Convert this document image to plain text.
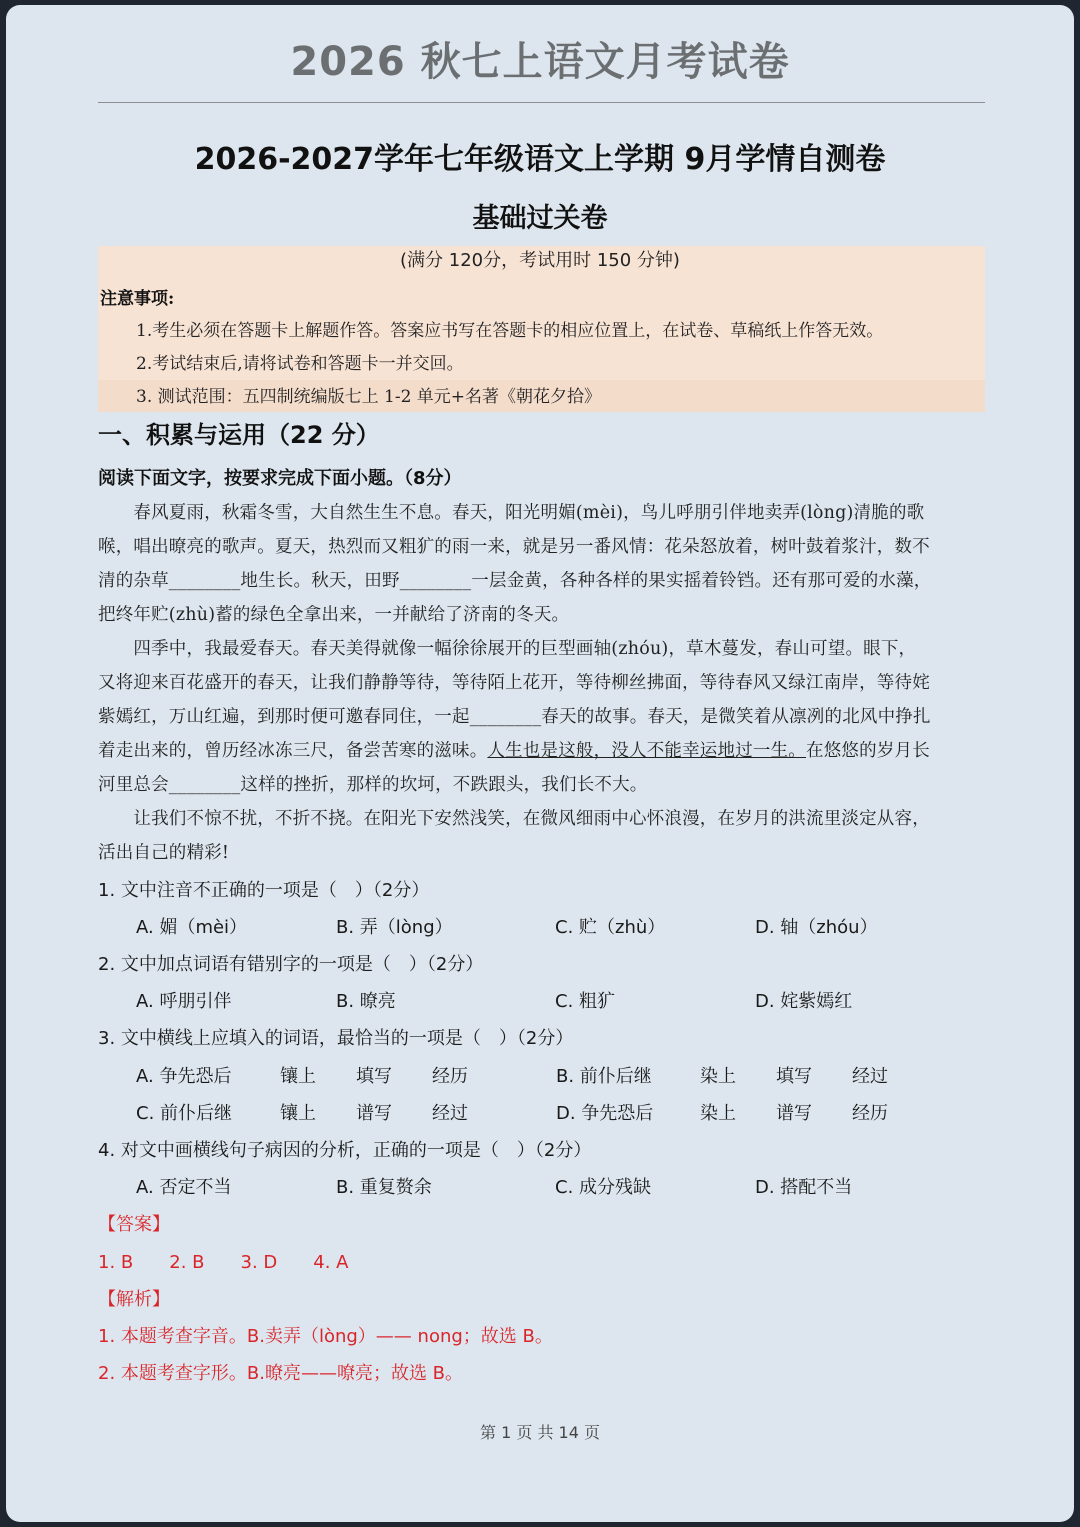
2026 秋七上语文月考试卷
2026-2027学年七年级语文上学期 9月学情自测卷
基础过关卷
(满分 120分，考试用时 150 分钟)
注意事项:
1.考生必须在答题卡上解题作答。答案应书写在答题卡的相应位置上，在试卷、草稿纸上作答无效。
2.考试结束后,请将试卷和答题卡一并交回。
3. 测试范围：五四制统编版七上 1-2 单元+名著《朝花夕拾》
一、积累与运用（22 分）
阅读下面文字，按要求完成下面小题。（8分）
　　春风夏雨，秋霜冬雪，大自然生生不息。春天，阳光明媚(mèi)，鸟儿呼朋引伴地卖弄(lòng)清脆的歌
喉，唱出暸亮的歌声。夏天，热烈而又粗犷的雨一来，就是另一番风情：花朵怒放着，树叶鼓着浆汁，数不
清的杂草________地生长。秋天，田野________一层金黄，各种各样的果实摇着铃铛。还有那可爱的水藻，
把终年贮(zhù)蓄的绿色全拿出来，一并献给了济南的冬天。
　　四季中，我最爱春天。春天美得就像一幅徐徐展开的巨型画轴(zhóu)，草木蔓发，春山可望。眼下，
又将迎来百花盛开的春天，让我们静静等待，等待陌上花开，等待柳丝拂面，等待春风又绿江南岸，等待姹
紫嫣红，万山红遍，到那时便可邀春同住，一起________春天的故事。春天，是微笑着从凛冽的北风中挣扎
着走出来的，曾历经冰冻三尺，备尝苦寒的滋味。人生也是这般，没人不能幸运地过一生。在悠悠的岁月长
河里总会________这样的挫折，那样的坎坷，不跌跟头，我们长不大。
　　让我们不惊不扰，不折不挠。在阳光下安然浅笑，在微风细雨中心怀浪漫，在岁月的洪流里淡定从容，
活出自己的精彩!
1. 文中注音不正确的一项是（　）（2分）
A. 媚（mèi）	B. 弄（lòng）	C. 贮（zhù）	D. 轴（zhóu）
2. 文中加点词语有错别字的一项是（　）（2分）
A. 呼朋引伴	B. 暸亮	C. 粗犷	D. 姹紫嫣红
3. 文中横线上应填入的词语，最恰当的一项是（　）（2分）
A. 争先恐后	镶上 填写 经历	B. 前仆后继	染上 填写 经过
C. 前仆后继	镶上 谱写 经过	D. 争先恐后	染上 谱写 经历
4. 对文中画横线句子病因的分析，正确的一项是（　）（2分）
A. 否定不当	B. 重复赘余	C. 成分残缺	D. 搭配不当
【答案】
1. B　　2. B　　3. D　　4. A
【解析】
1. 本题考查字音。B.卖弄（lòng）—— nong；故选 B。
2. 本题考查字形。B.暸亮——嘹亮；故选 B。
第 1 页 共 14 页
